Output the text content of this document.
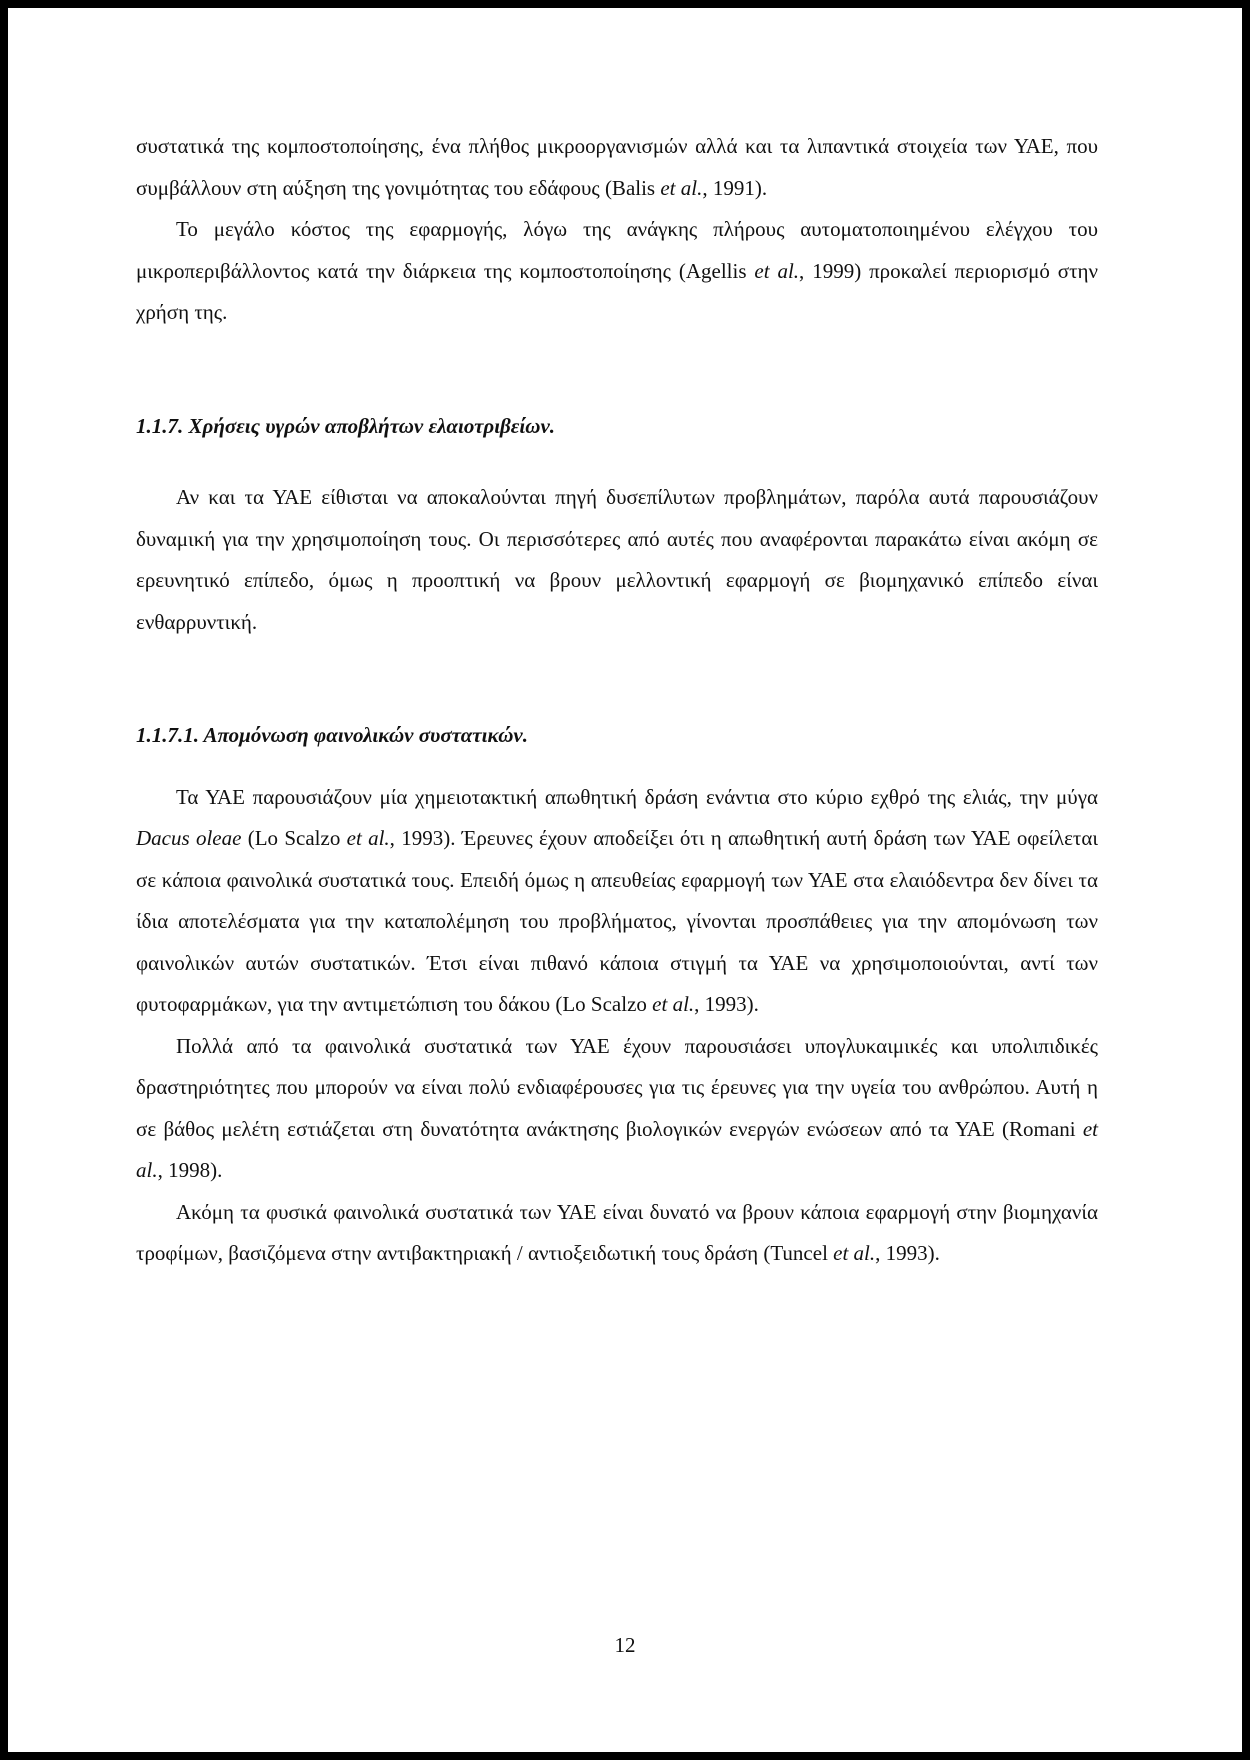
συστατικά της κομποστοποίησης, ένα πλήθος μικροοργανισμών αλλά και τα λιπαντικά στοιχεία των ΥΑΕ, που συμβάλλουν στη αύξηση της γονιμότητας του εδάφους (Balis et al., 1991).

Το μεγάλο κόστος της εφαρμογής, λόγω της ανάγκης πλήρους αυτοματοποιημένου ελέγχου του μικροπεριβάλλοντος κατά την διάρκεια της κομποστοποίησης (Agellis et al., 1999) προκαλεί περιορισμό στην χρήση της.

1.1.7. Χρήσεις υγρών αποβλήτων ελαιοτριβείων.

Αν και τα ΥΑΕ είθισται να αποκαλούνται πηγή δυσεπίλυτων προβλημάτων, παρόλα αυτά παρουσιάζουν δυναμική για την χρησιμοποίηση τους. Οι περισσότερες από αυτές που αναφέρονται παρακάτω είναι ακόμη σε ερευνητικό επίπεδο, όμως η προοπτική να βρουν μελλοντική εφαρμογή σε βιομηχανικό επίπεδο είναι ενθαρρυντική.

1.1.7.1. Απομόνωση φαινολικών συστατικών.

Τα ΥΑΕ παρουσιάζουν μία χημειοτακτική απωθητική δράση ενάντια στο κύριο εχθρό της ελιάς, την μύγα Dacus oleae (Lo Scalzo et al., 1993). Έρευνες έχουν αποδείξει ότι η απωθητική αυτή δράση των ΥΑΕ οφείλεται σε κάποια φαινολικά συστατικά τους. Επειδή όμως η απευθείας εφαρμογή των ΥΑΕ στα ελαιόδεντρα δεν δίνει τα ίδια αποτελέσματα για την καταπολέμηση του προβλήματος, γίνονται προσπάθειες για την απομόνωση των φαινολικών αυτών συστατικών. Έτσι είναι πιθανό κάποια στιγμή τα ΥΑΕ να χρησιμοποιούνται, αντί των φυτοφαρμάκων, για την αντιμετώπιση του δάκου (Lo Scalzo et al., 1993).

Πολλά από τα φαινολικά συστατικά των ΥΑΕ έχουν παρουσιάσει υπογλυκαιμικές και υπολιπιδικές δραστηριότητες που μπορούν να είναι πολύ ενδιαφέρουσες για τις έρευνες για την υγεία του ανθρώπου. Αυτή η σε βάθος μελέτη εστιάζεται στη δυνατότητα ανάκτησης βιολογικών ενεργών ενώσεων από τα ΥΑΕ (Romani et al., 1998).

Ακόμη τα φυσικά φαινολικά συστατικά των ΥΑΕ είναι δυνατό να βρουν κάποια εφαρμογή στην βιομηχανία τροφίμων, βασιζόμενα στην αντιβακτηριακή / αντιοξειδωτική τους δράση (Tuncel et al., 1993).

12
